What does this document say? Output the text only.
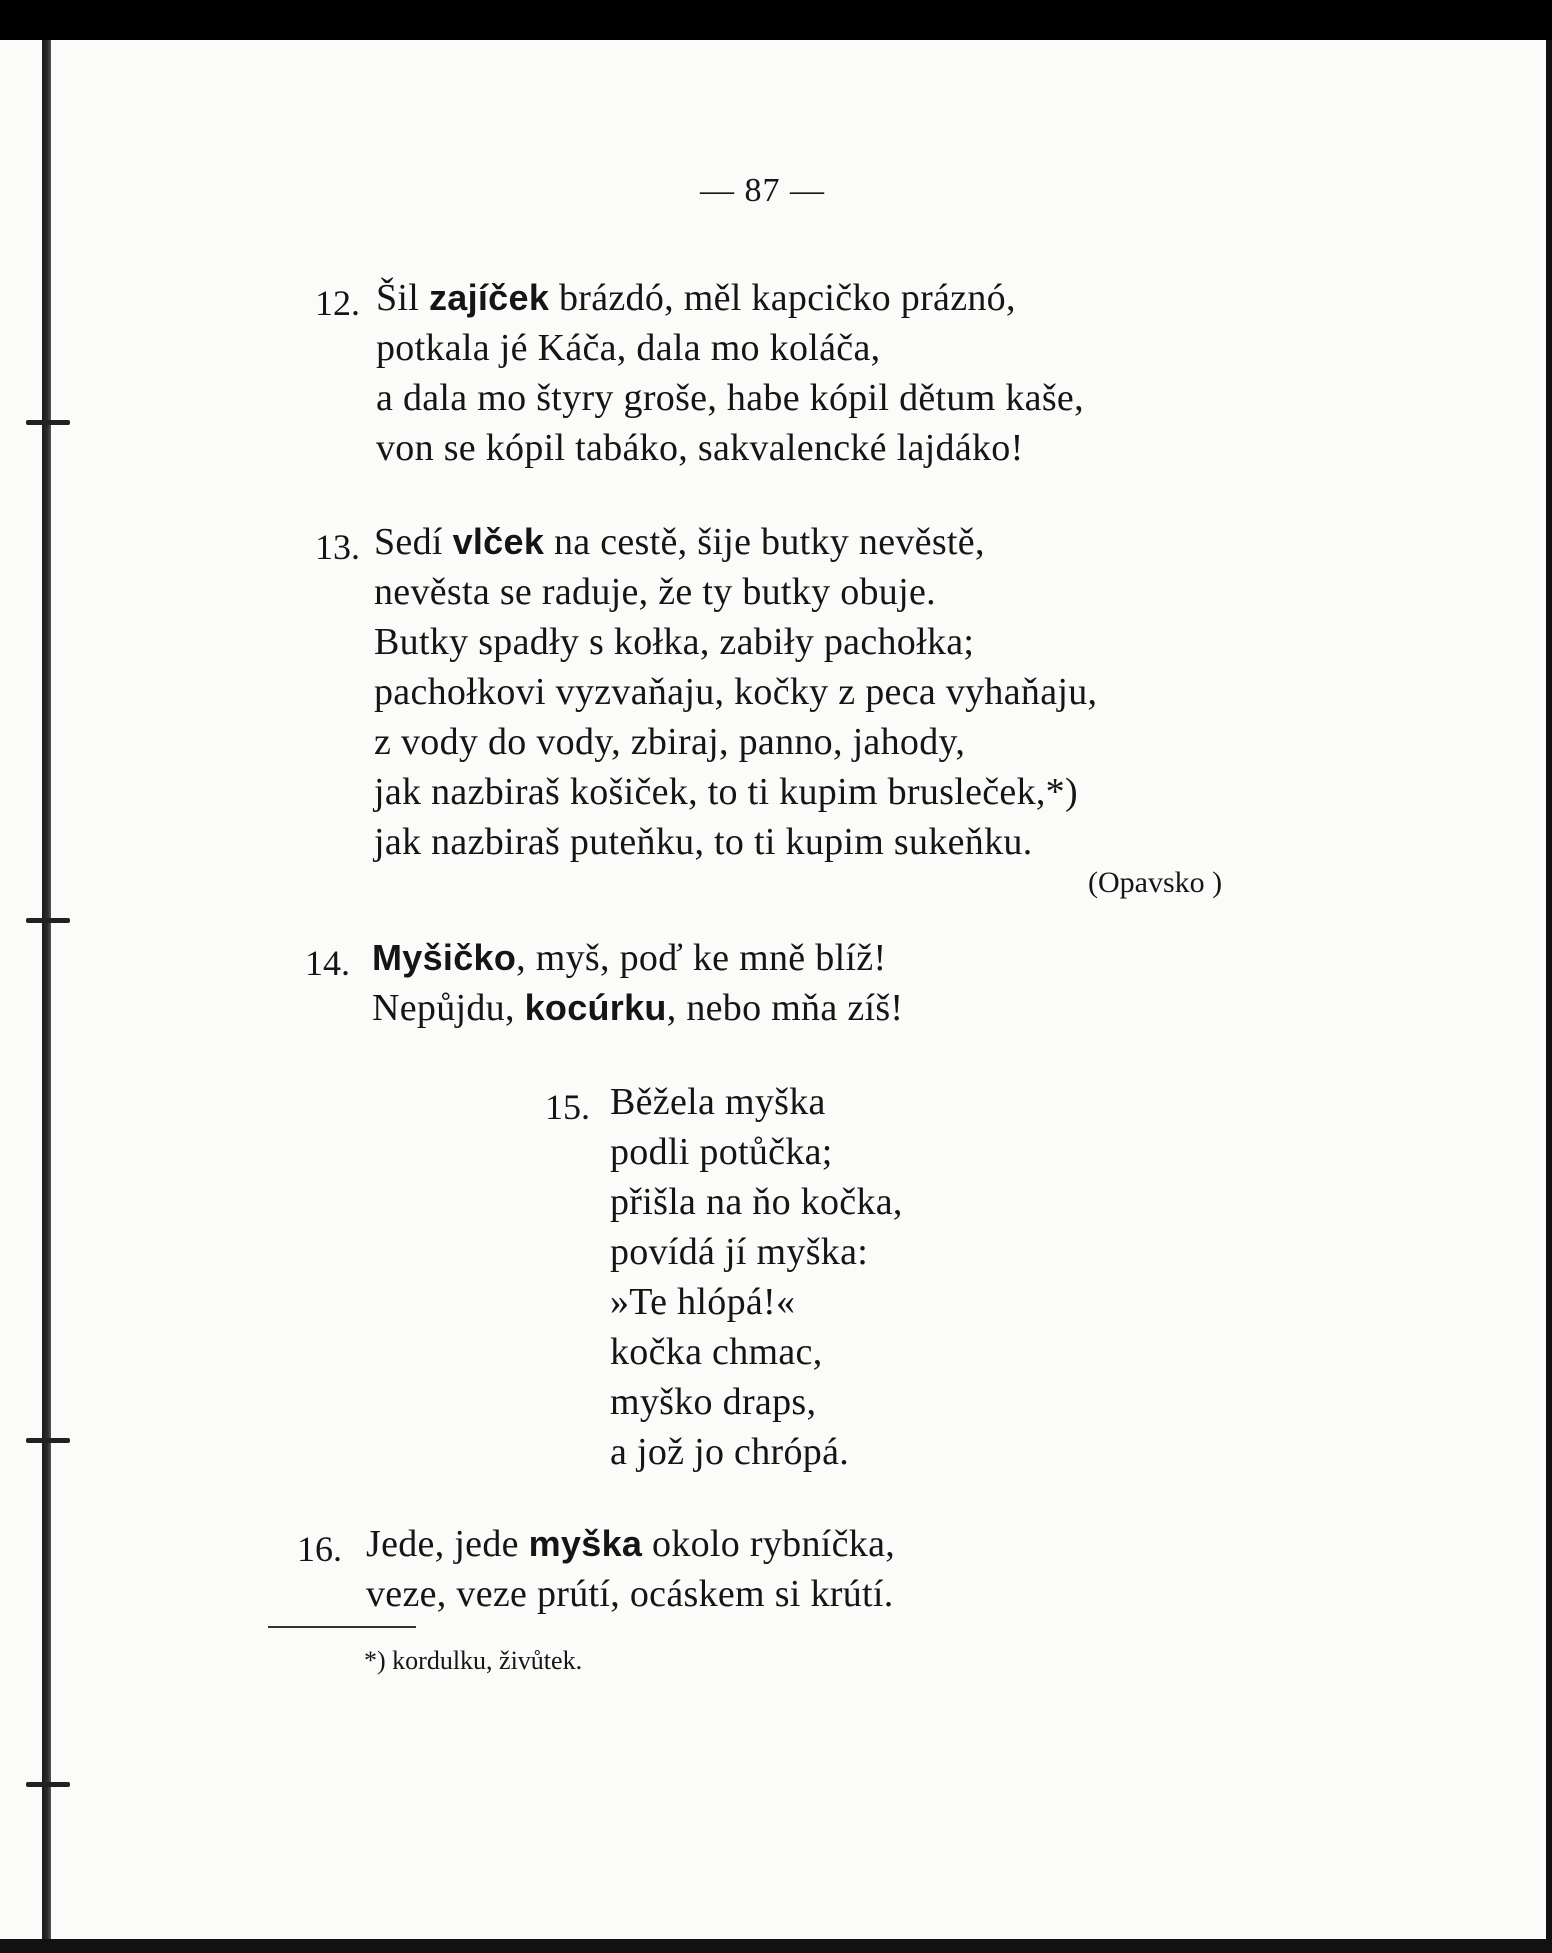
— 87 —
12. Šil zajíček brázdó, měl kapcičko práznó,
potkala jé Káča, dala mo koláča,
a dala mo štyry groše, habe kópil dětum kaše,
von se kópil tabáko, sakvalencké lajdáko!
13. Sedí vlček na cestě, šije butky nevěstě,
nevěsta se raduje, že ty butky obuje.
Butky spadły s kołka, zabiły pachołka;
pachołkovi vyzvaňaju, kočky z peca vyhaňaju,
z vody do vody, zbiraj, panno, jahody,
jak nazbiraš košiček, to ti kupim brusleček,*)
jak nazbiraš puteňku, to ti kupim sukeňku.
(Opavsko )
14. Myšičko, myš, poď ke mně blíž!
Nepůjdu, kocúrku, nebo mňa zíš!
15. Běžela myška
podli potůčka;
přišla na ňo kočka,
povídá jí myška:
»Te hlópá!«
kočka chmac,
myško draps,
a jož jo chrópá.
16. Jede, jede myška okolo rybníčka,
veze, veze prútí, ocáskem si krútí.
*) kordulku, živůtek.
